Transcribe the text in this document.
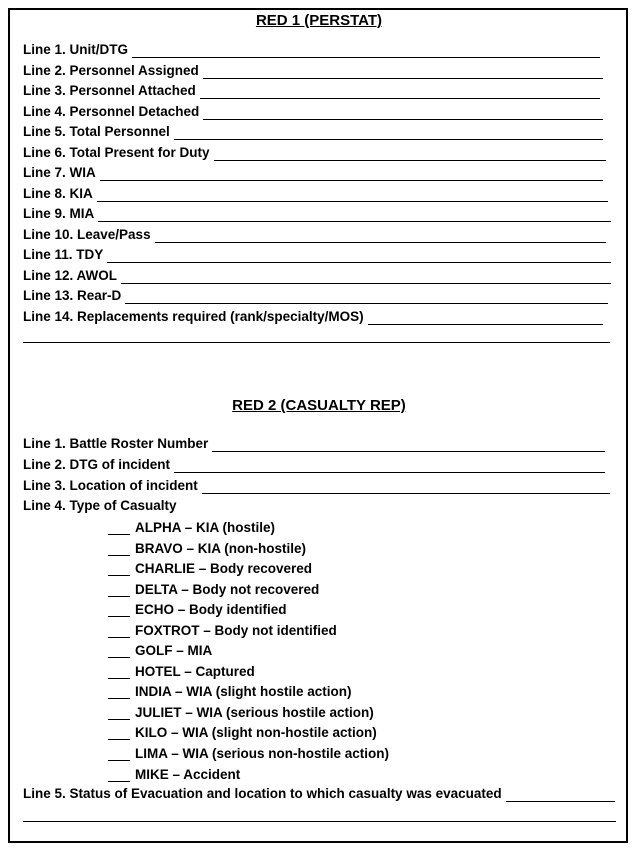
RED 1 (PERSTAT)
Line 1. Unit/DTG
Line 2. Personnel Assigned
Line 3. Personnel Attached
Line 4. Personnel Detached
Line 5. Total Personnel
Line 6. Total Present for Duty
Line 7. WIA
Line 8. KIA
Line 9. MIA
Line 10. Leave/Pass
Line 11. TDY
Line 12. AWOL
Line 13. Rear-D
Line 14. Replacements required (rank/specialty/MOS)
RED 2 (CASUALTY REP)
Line 1. Battle Roster Number
Line 2. DTG of incident
Line 3. Location of incident
Line 4. Type of Casualty
ALPHA – KIA (hostile)
BRAVO – KIA (non-hostile)
CHARLIE – Body recovered
DELTA – Body not recovered
ECHO – Body identified
FOXTROT – Body not identified
GOLF – MIA
HOTEL – Captured
INDIA – WIA (slight hostile action)
JULIET – WIA (serious hostile action)
KILO – WIA (slight non-hostile action)
LIMA – WIA (serious non-hostile action)
MIKE – Accident
Line 5. Status of Evacuation and location to which casualty was evacuated
